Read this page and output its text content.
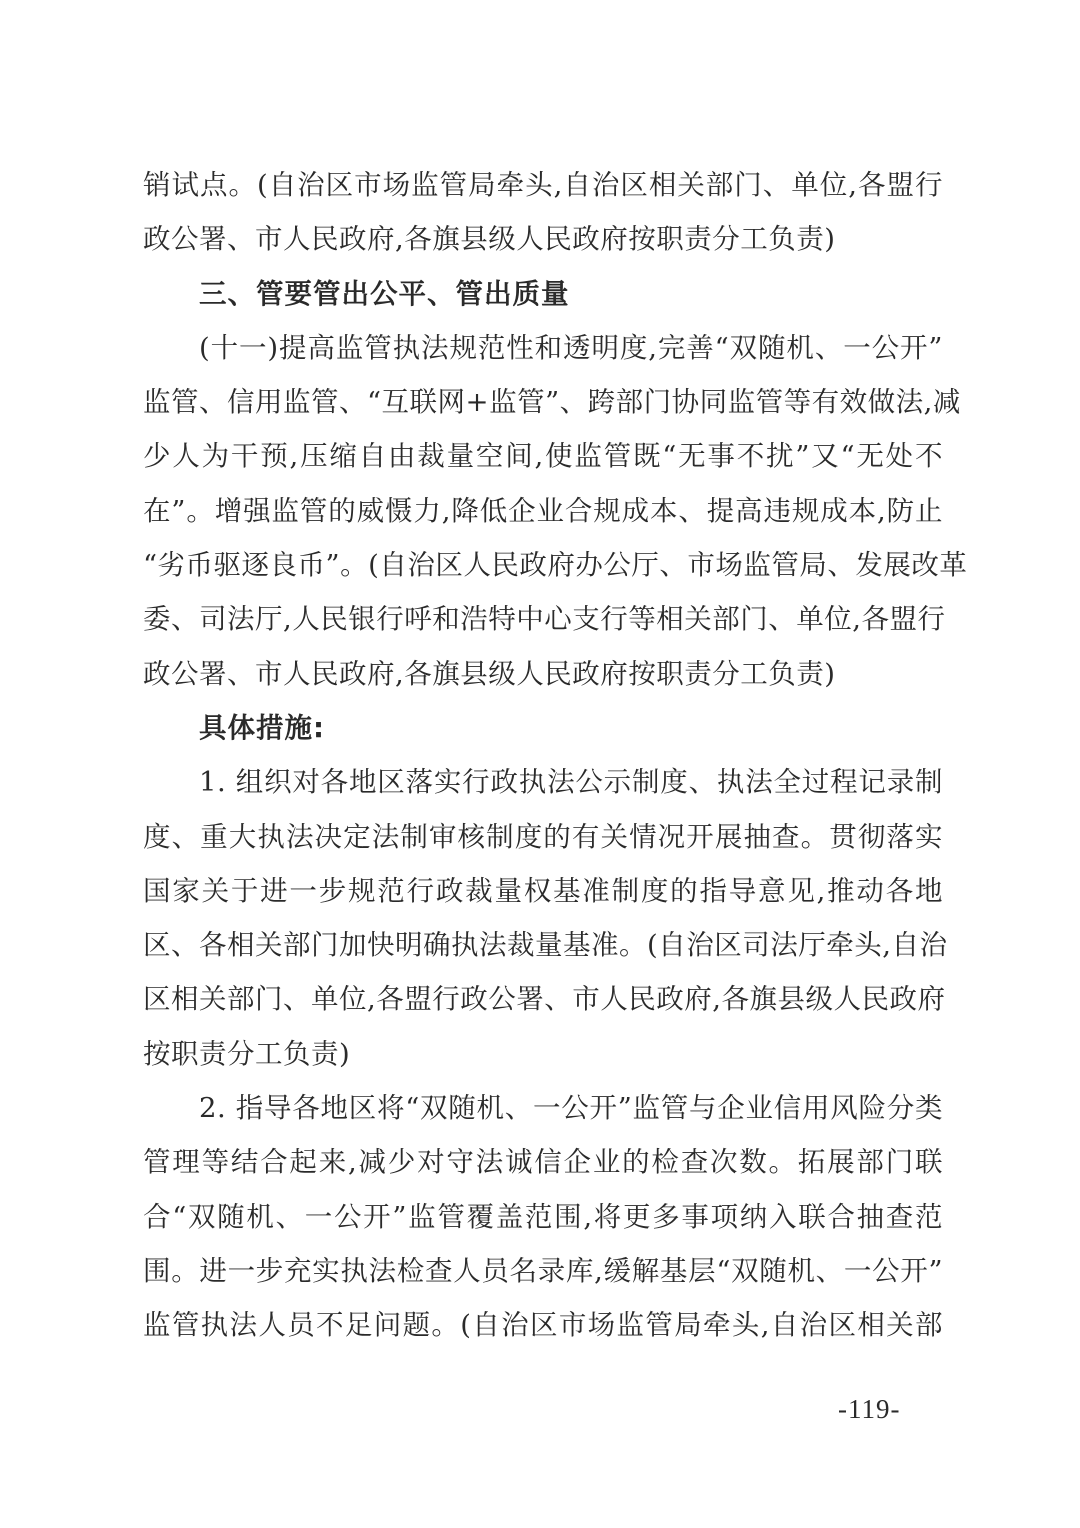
销试点。(自治区市场监管局牵头,自治区相关部门、单位,各盟行
政公署、市人民政府,各旗县级人民政府按职责分工负责)
三、管要管出公平、管出质量
(十一)提高监管执法规范性和透明度,完善“双随机、一公开”
监管、信用监管、“互联网+监管”、跨部门协同监管等有效做法,减
少人为干预,压缩自由裁量空间,使监管既“无事不扰”又“无处不
在”。增强监管的威慑力,降低企业合规成本、提高违规成本,防止
“劣币驱逐良币”。(自治区人民政府办公厅、市场监管局、发展改革
委、司法厅,人民银行呼和浩特中心支行等相关部门、单位,各盟行
政公署、市人民政府,各旗县级人民政府按职责分工负责)
具体措施:
1. 组织对各地区落实行政执法公示制度、执法全过程记录制
度、重大执法决定法制审核制度的有关情况开展抽查。贯彻落实
国家关于进一步规范行政裁量权基准制度的指导意见,推动各地
区、各相关部门加快明确执法裁量基准。(自治区司法厅牵头,自治
区相关部门、单位,各盟行政公署、市人民政府,各旗县级人民政府
按职责分工负责)
2. 指导各地区将“双随机、一公开”监管与企业信用风险分类
管理等结合起来,减少对守法诚信企业的检查次数。拓展部门联
合“双随机、一公开”监管覆盖范围,将更多事项纳入联合抽查范
围。进一步充实执法检查人员名录库,缓解基层“双随机、一公开”
监管执法人员不足问题。(自治区市场监管局牵头,自治区相关部
-119-
